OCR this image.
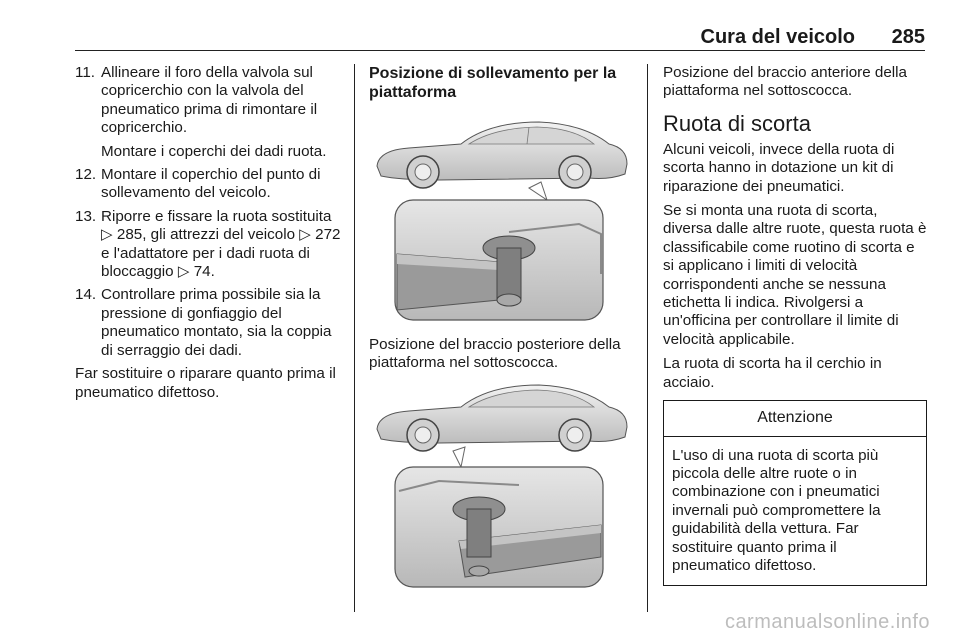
Cura del veicolo 285
11. Allineare il foro della valvola sul copricerchio con la valvola del pneumatico prima di rimontare il copricerchio.

Montare i coperchi dei dadi ruota.

12. Montare il coperchio del punto di sollevamento del veicolo.

13. Riporre e fissare la ruota sostituita ▷ 285, gli attrezzi del veicolo ▷ 272 e l'adattatore per i dadi ruota di bloccaggio ▷ 74.

14. Controllare prima possibile sia la pressione di gonfiaggio del pneumatico montato, sia la coppia di serraggio dei dadi.

Far sostituire o riparare quanto prima il pneumatico difettoso.

Posizione di sollevamento per la piattaforma

Posizione del braccio posteriore della piattaforma nel sottoscocca.

Posizione del braccio anteriore della piattaforma nel sottoscocca.

Ruota di scorta

Alcuni veicoli, invece della ruota di scorta hanno in dotazione un kit di riparazione dei pneumatici.

Se si monta una ruota di scorta, diversa dalle altre ruote, questa ruota è classificabile come ruotino di scorta e si applicano i limiti di velocità corrispondenti anche se nessuna etichetta li indica. Rivolgersi a un'officina per controllare il limite di velocità applicabile.

La ruota di scorta ha il cerchio in acciaio.

Attenzione

L'uso di una ruota di scorta più piccola delle altre ruote o in combinazione con i pneumatici invernali può compromettere la guidabilità della vettura. Far sostituire quanto prima il pneumatico difettoso.

carmanualsonline.info
